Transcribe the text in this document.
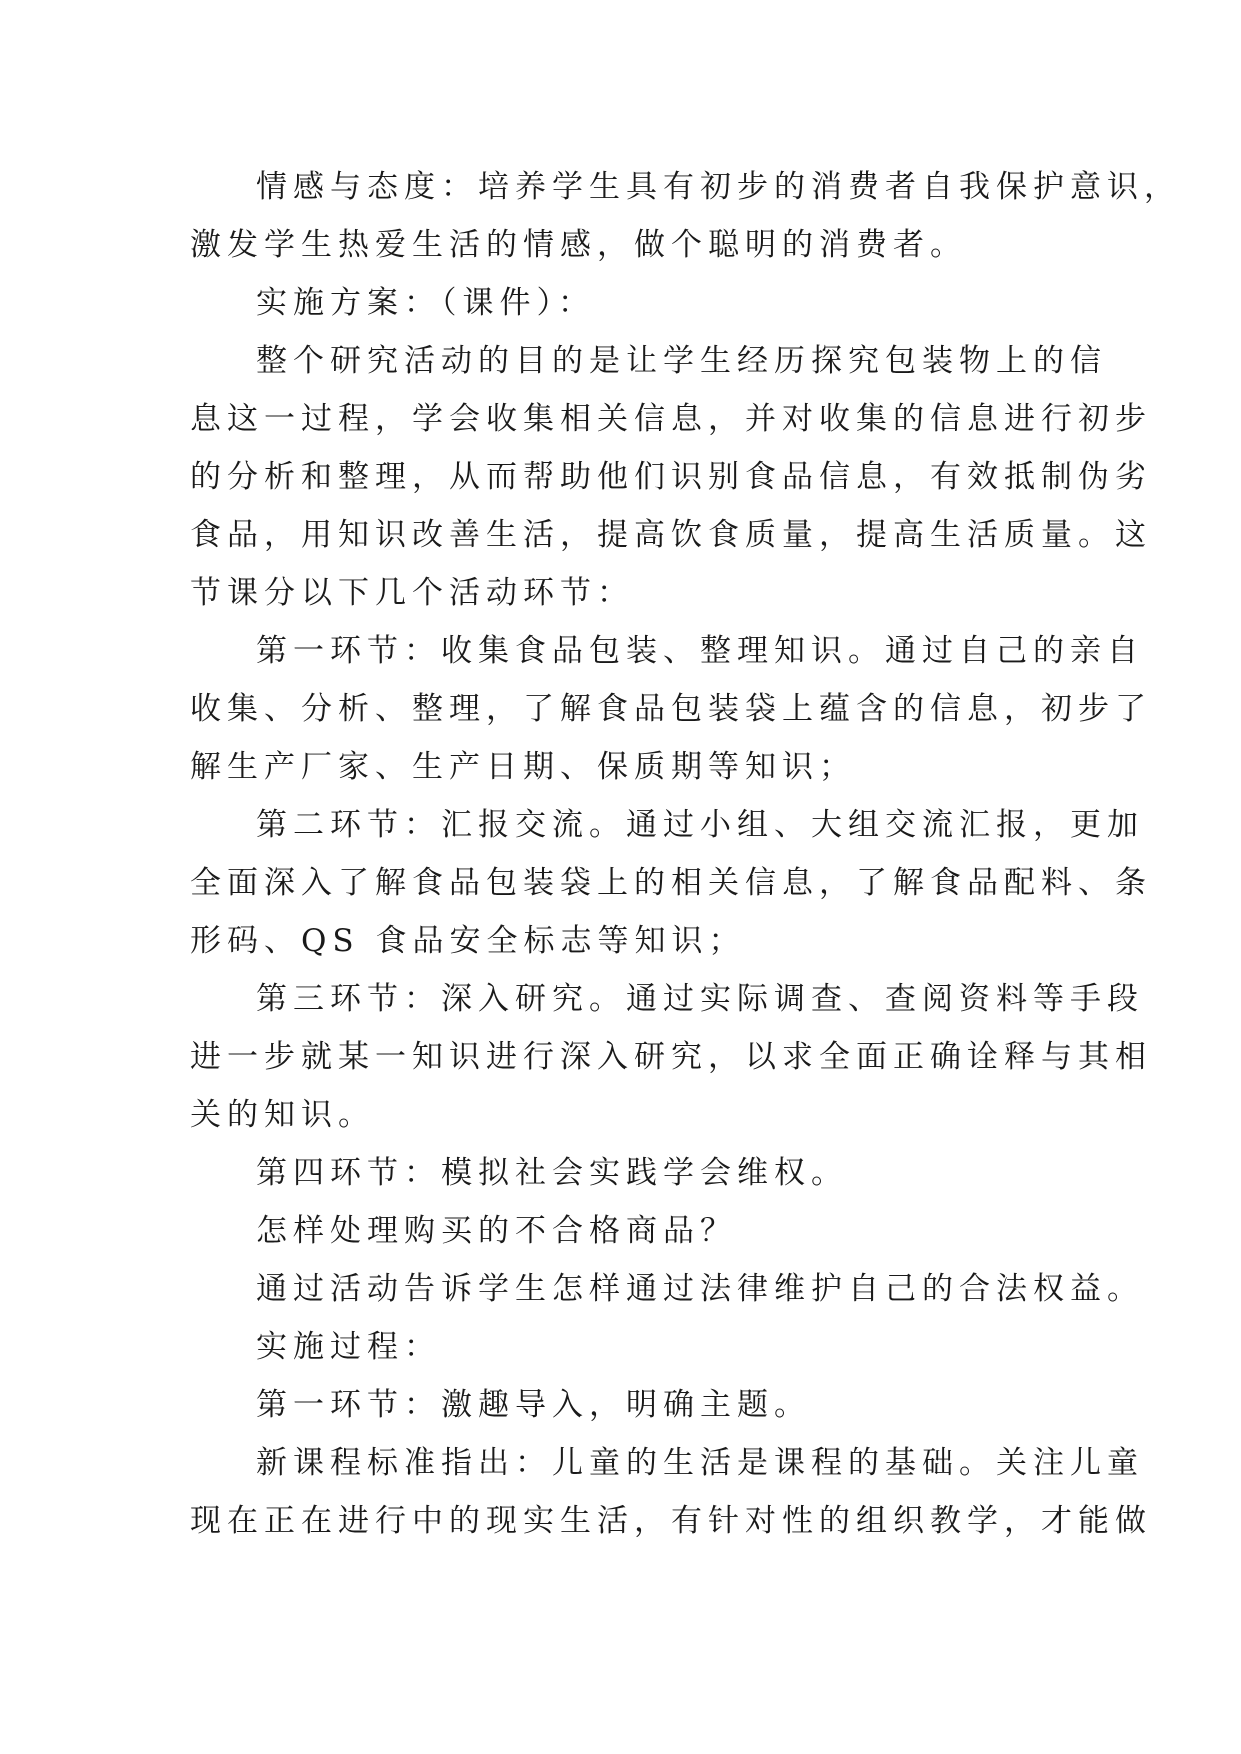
情感与态度：培养学生具有初步的消费者自我保护意识，

激发学生热爱生活的情感，做个聪明的消费者。

实施方案：（课件）：

整个研究活动的目的是让学生经历探究包装物上的信

息这一过程，学会收集相关信息，并对收集的信息进行初步

的分析和整理，从而帮助他们识别食品信息，有效抵制伪劣

食品，用知识改善生活，提高饮食质量，提高生活质量。这

节课分以下几个活动环节：

第一环节：收集食品包装、整理知识。通过自己的亲自

收集、分析、整理，了解食品包装袋上蕴含的信息，初步了

解生产厂家、生产日期、保质期等知识；

第二环节：汇报交流。通过小组、大组交流汇报，更加

全面深入了解食品包装袋上的相关信息，了解食品配料、条

形码、QS 食品安全标志等知识；

第三环节：深入研究。通过实际调查、查阅资料等手段

进一步就某一知识进行深入研究，以求全面正确诠释与其相

关的知识。

第四环节：模拟社会实践学会维权。

怎样处理购买的不合格商品？

通过活动告诉学生怎样通过法律维护自己的合法权益。

实施过程：

第一环节：激趣导入，明确主题。

新课程标准指出：儿童的生活是课程的基础。关注儿童

现在正在进行中的现实生活，有针对性的组织教学，才能做
